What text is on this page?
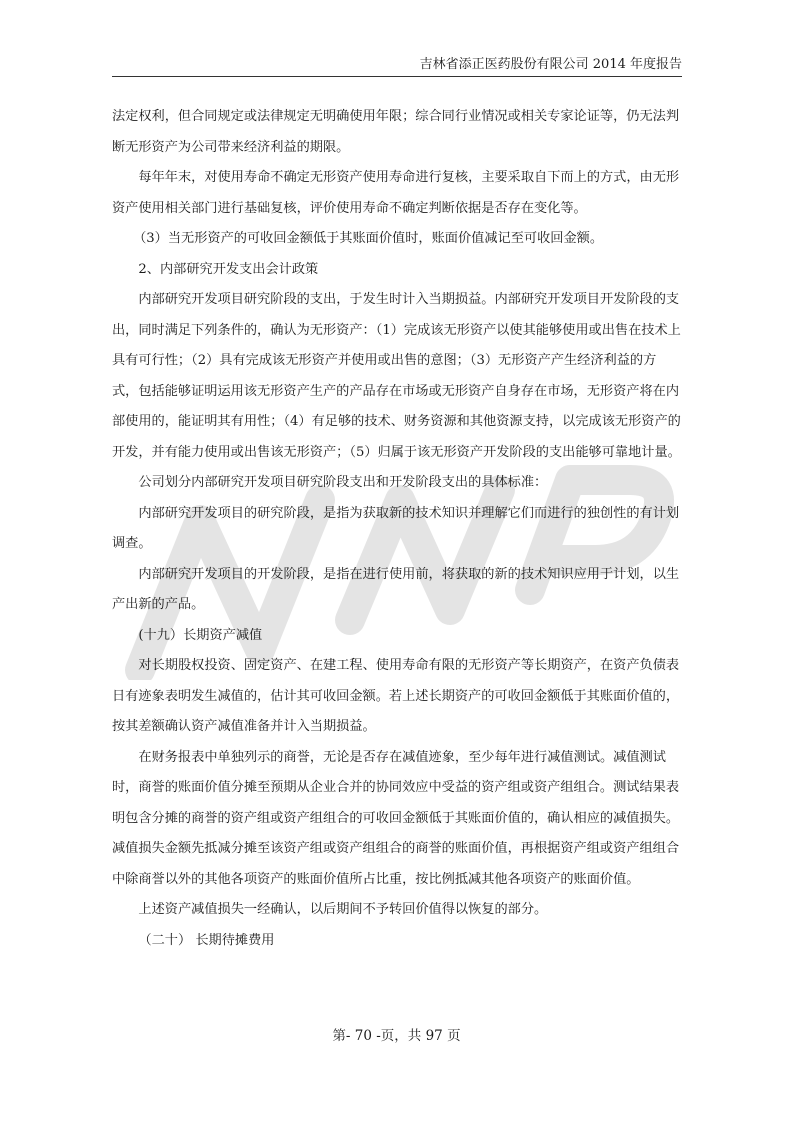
吉林省添正医药股份有限公司 2014 年度报告

法定权利，但合同规定或法律规定无明确使用年限；综合同行业情况或相关专家论证等，仍无法判断无形资产为公司带来经济利益的期限。

每年年末，对使用寿命不确定无形资产使用寿命进行复核，主要采取自下而上的方式，由无形资产使用相关部门进行基础复核，评价使用寿命不确定判断依据是否存在变化等。

（3）当无形资产的可收回金额低于其账面价值时，账面价值减记至可收回金额。

2、内部研究开发支出会计政策

内部研究开发项目研究阶段的支出，于发生时计入当期损益。内部研究开发项目开发阶段的支出，同时满足下列条件的，确认为无形资产：（1）完成该无形资产以使其能够使用或出售在技术上具有可行性；（2）具有完成该无形资产并使用或出售的意图；（3）无形资产产生经济利益的方式，包括能够证明运用该无形资产生产的产品存在市场或无形资产自身存在市场，无形资产将在内部使用的，能证明其有用性；（4）有足够的技术、财务资源和其他资源支持，以完成该无形资产的开发，并有能力使用或出售该无形资产；（5）归属于该无形资产开发阶段的支出能够可靠地计量。

公司划分内部研究开发项目研究阶段支出和开发阶段支出的具体标准：

内部研究开发项目的研究阶段，是指为获取新的技术知识并理解它们而进行的独创性的有计划调查。

内部研究开发项目的开发阶段，是指在进行使用前，将获取的新的技术知识应用于计划，以生产出新的产品。

(十九）长期资产减值

对长期股权投资、固定资产、在建工程、使用寿命有限的无形资产等长期资产，在资产负债表日有迹象表明发生减值的，估计其可收回金额。若上述长期资产的可收回金额低于其账面价值的，按其差额确认资产减值准备并计入当期损益。

在财务报表中单独列示的商誉，无论是否存在减值迹象，至少每年进行减值测试。减值测试时，商誉的账面价值分摊至预期从企业合并的协同效应中受益的资产组或资产组组合。测试结果表明包含分摊的商誉的资产组或资产组组合的可收回金额低于其账面价值的，确认相应的减值损失。减值损失金额先抵减分摊至该资产组或资产组组合的商誉的账面价值，再根据资产组或资产组组合中除商誉以外的其他各项资产的账面价值所占比重，按比例抵减其他各项资产的账面价值。

上述资产减值损失一经确认，以后期间不予转回价值得以恢复的部分。

（二十） 长期待摊费用

第- 70 -页，共 97 页
